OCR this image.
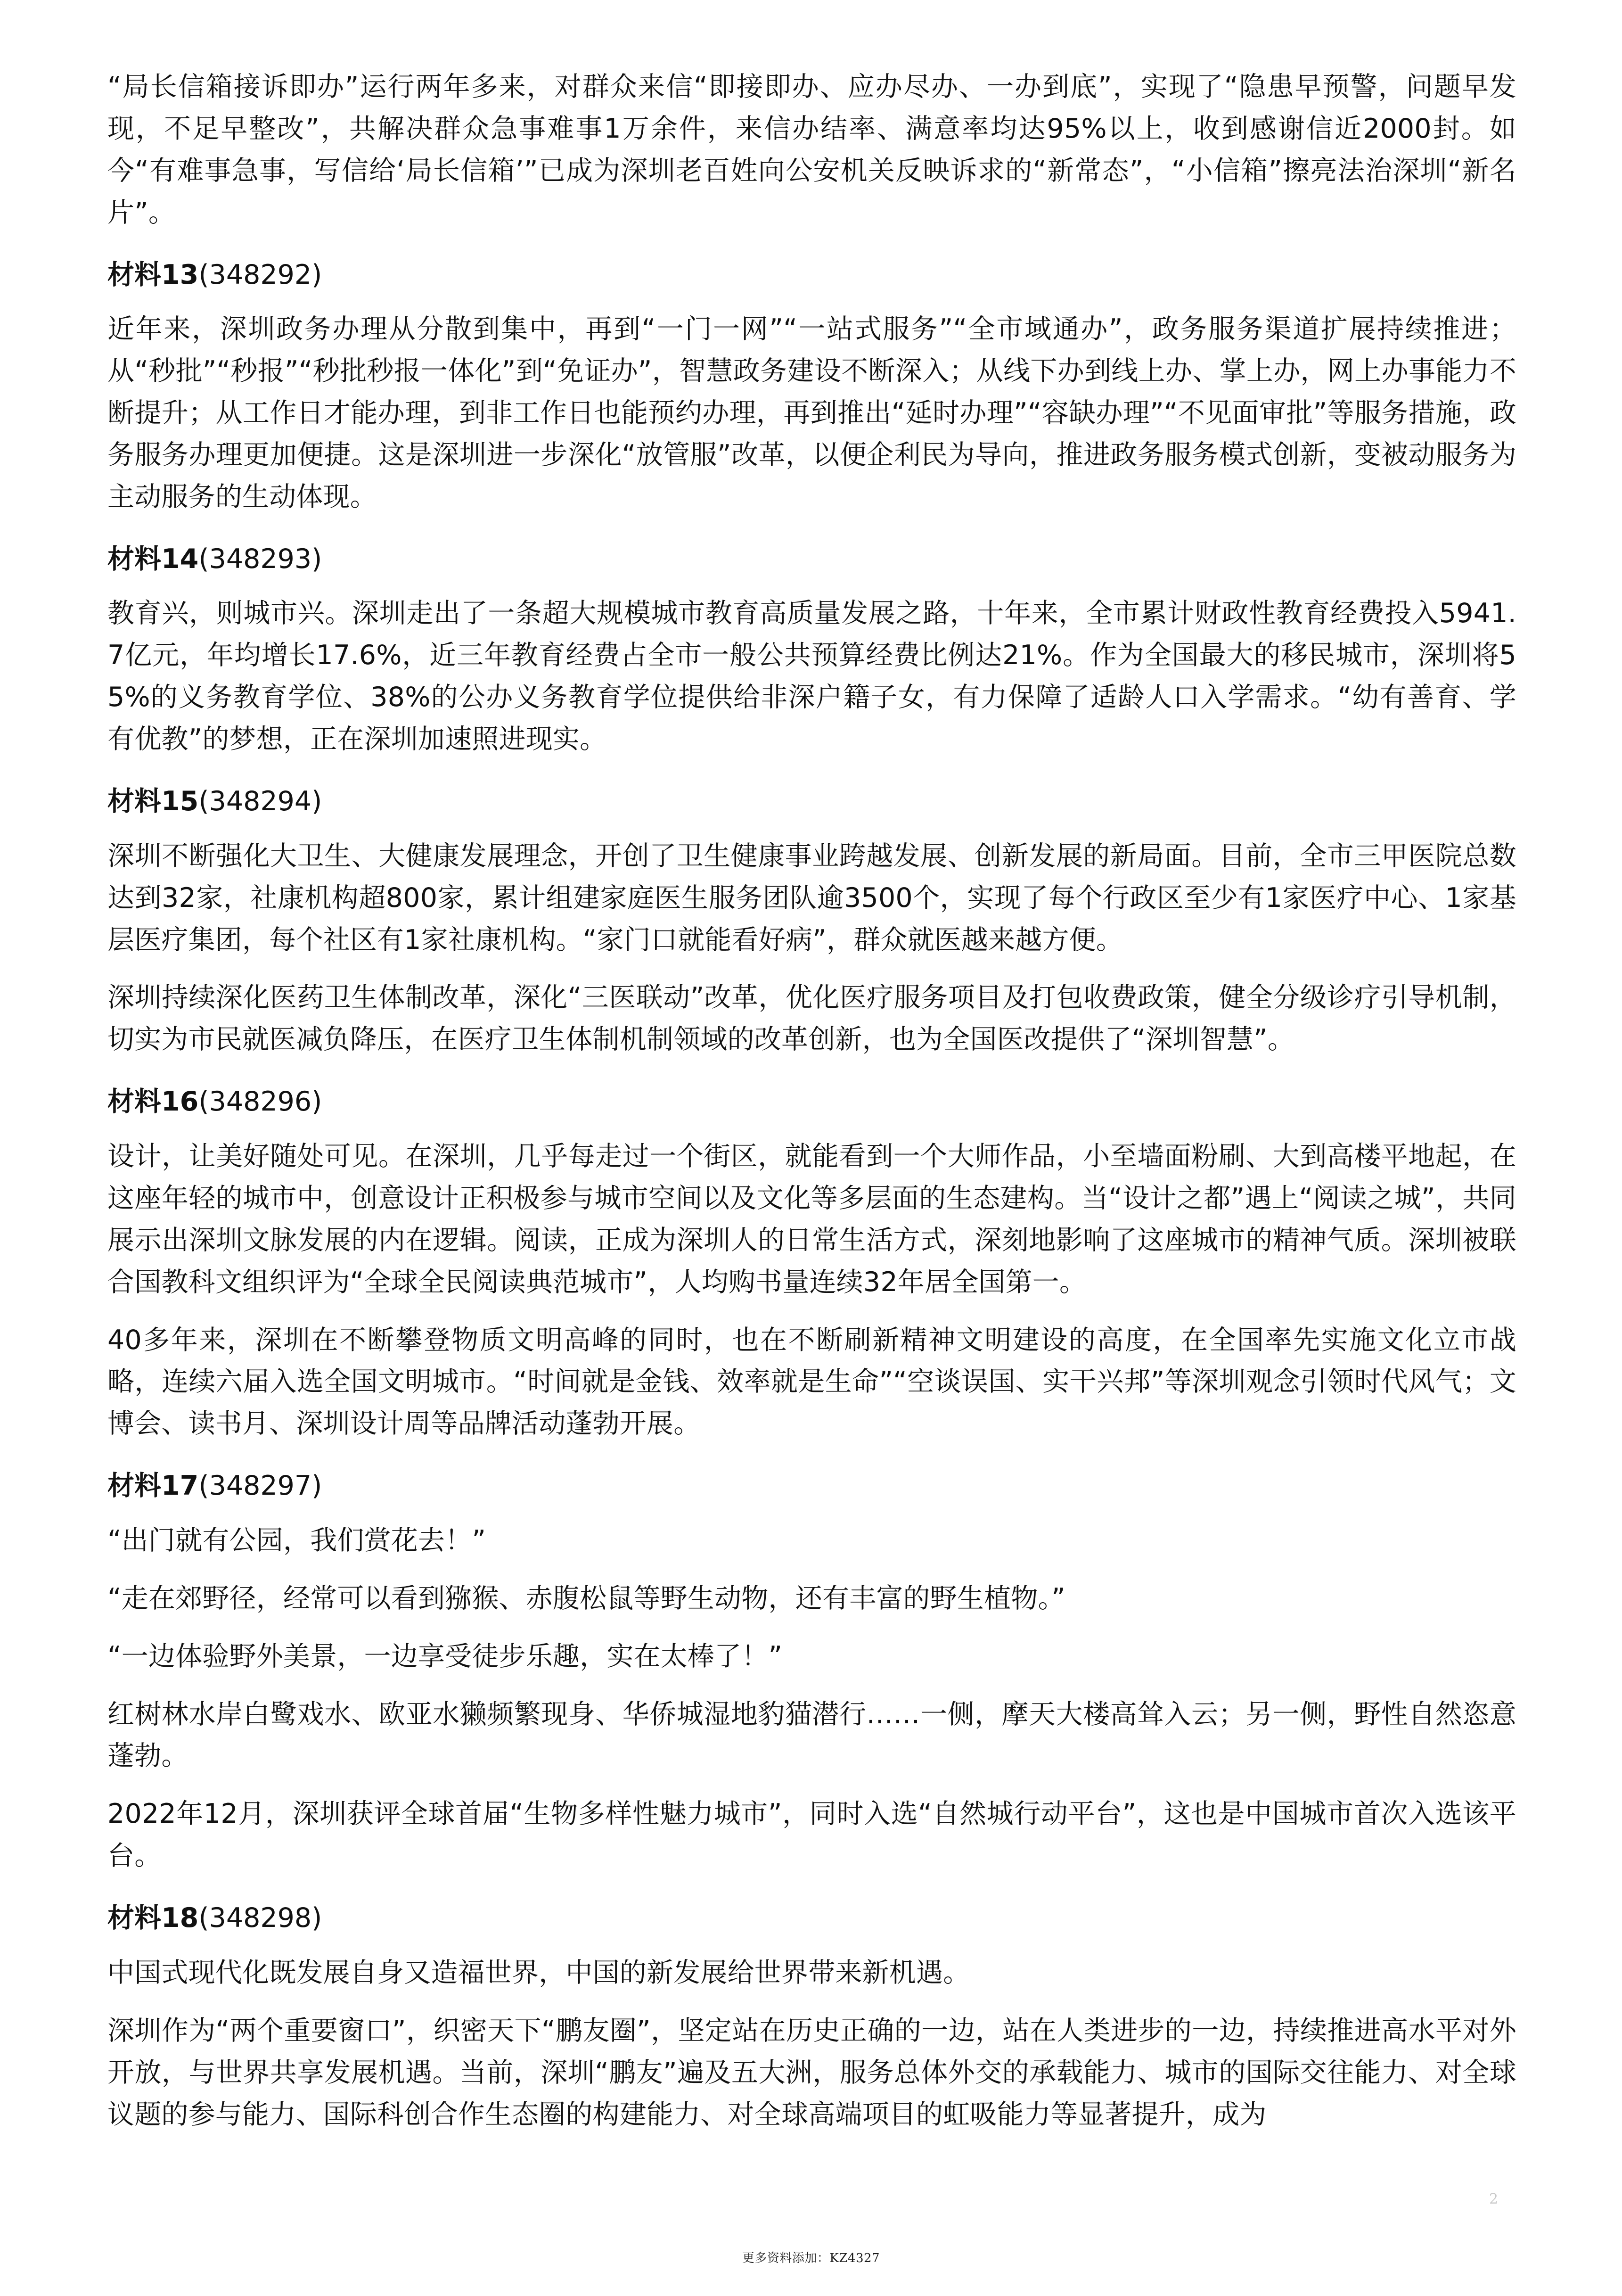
“局长信箱接诉即办”运行两年多来，对群众来信“即接即办、应办尽办、一办到底”，实现了“隐患早预警，问题早发现，不足早整改”，共解决群众急事难事1万余件，来信办结率、满意率均达95%以上，收到感谢信近2000封。如今“有难事急事，写信给‘局长信箱’”已成为深圳老百姓向公安机关反映诉求的“新常态”，“小信箱”擦亮法治深圳“新名片”。

材料13(348292)

近年来，深圳政务办理从分散到集中，再到“一门一网”“一站式服务”“全市域通办”，政务服务渠道扩展持续推进；从“秒批”“秒报”“秒批秒报一体化”到“免证办”，智慧政务建设不断深入；从线下办到线上办、掌上办，网上办事能力不断提升；从工作日才能办理，到非工作日也能预约办理，再到推出“延时办理”“容缺办理”“不见面审批”等服务措施，政务服务办理更加便捷。这是深圳进一步深化“放管服”改革，以便企利民为导向，推进政务服务模式创新，变被动服务为主动服务的生动体现。

材料14(348293)

教育兴，则城市兴。深圳走出了一条超大规模城市教育高质量发展之路，十年来，全市累计财政性教育经费投入5941.7亿元，年均增长17.6%，近三年教育经费占全市一般公共预算经费比例达21%。作为全国最大的移民城市，深圳将55%的义务教育学位、38%的公办义务教育学位提供给非深户籍子女，有力保障了适龄人口入学需求。“幼有善育、学有优教”的梦想，正在深圳加速照进现实。

材料15(348294)

深圳不断强化大卫生、大健康发展理念，开创了卫生健康事业跨越发展、创新发展的新局面。目前，全市三甲医院总数达到32家，社康机构超800家，累计组建家庭医生服务团队逾3500个，实现了每个行政区至少有1家医疗中心、1家基层医疗集团，每个社区有1家社康机构。“家门口就能看好病”，群众就医越来越方便。

深圳持续深化医药卫生体制改革，深化“三医联动”改革，优化医疗服务项目及打包收费政策，健全分级诊疗引导机制，切实为市民就医减负降压，在医疗卫生体制机制领域的改革创新，也为全国医改提供了“深圳智慧”。

材料16(348296)

设计，让美好随处可见。在深圳，几乎每走过一个街区，就能看到一个大师作品，小至墙面粉刷、大到高楼平地起，在这座年轻的城市中，创意设计正积极参与城市空间以及文化等多层面的生态建构。当“设计之都”遇上“阅读之城”，共同展示出深圳文脉发展的内在逻辑。阅读，正成为深圳人的日常生活方式，深刻地影响了这座城市的精神气质。深圳被联合国教科文组织评为“全球全民阅读典范城市”，人均购书量连续32年居全国第一。

40多年来，深圳在不断攀登物质文明高峰的同时，也在不断刷新精神文明建设的高度，在全国率先实施文化立市战略，连续六届入选全国文明城市。“时间就是金钱、效率就是生命”“空谈误国、实干兴邦”等深圳观念引领时代风气；文博会、读书月、深圳设计周等品牌活动蓬勃开展。

材料17(348297)

“出门就有公园，我们赏花去！”

“走在郊野径，经常可以看到猕猴、赤腹松鼠等野生动物，还有丰富的野生植物。”

“一边体验野外美景，一边享受徒步乐趣，实在太棒了！”

红树林水岸白鹭戏水、欧亚水獭频繁现身、华侨城湿地豹猫潜行……一侧，摩天大楼高耸入云；另一侧，野性自然恣意蓬勃。

2022年12月，深圳获评全球首届“生物多样性魅力城市”，同时入选“自然城行动平台”，这也是中国城市首次入选该平台。

材料18(348298)

中国式现代化既发展自身又造福世界，中国的新发展给世界带来新机遇。

深圳作为“两个重要窗口”，织密天下“鹏友圈”，坚定站在历史正确的一边，站在人类进步的一边，持续推进高水平对外开放，与世界共享发展机遇。当前，深圳“鹏友”遍及五大洲，服务总体外交的承载能力、城市的国际交往能力、对全球议题的参与能力、国际科创合作生态圈的构建能力、对全球高端项目的虹吸能力等显著提升，成为

2
更多资料添加：KZ4327
